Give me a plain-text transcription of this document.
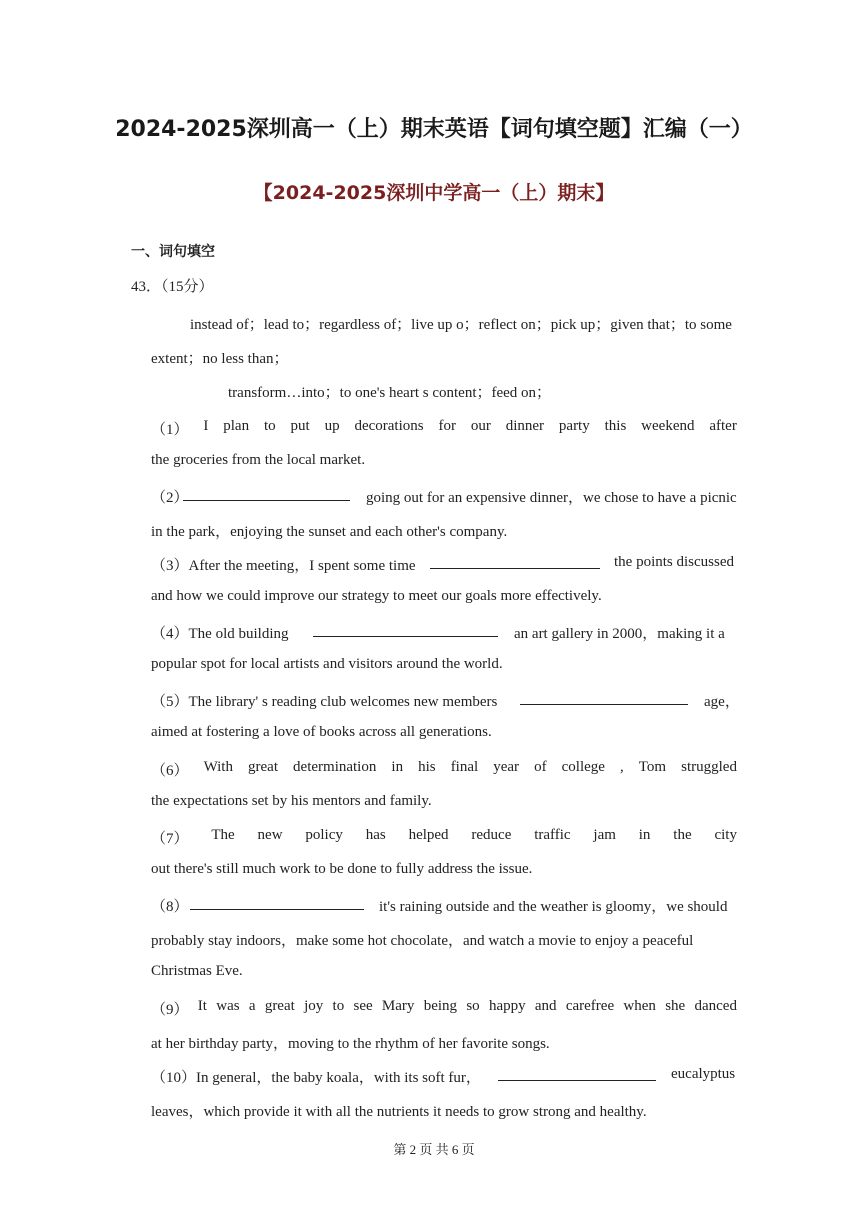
2024-2025深圳高一（上）期末英语【词句填空题】汇编（一）
【2024-2025深圳中学高一（上）期末】
一、词句填空
43．（15分）
instead of；lead to；regardless of；live up o；reflect on；pick up；given that；to some
extent；no less than；
transform…into；to one's heart s content；feed on；
（1） I plan to put up decorations for our dinner party this weekend after
the groceries from the local market.
（2）	going out for an expensive dinner，we chose to have a picnic
in the park，enjoying the sunset and each other's company.
（3）After the meeting，I spent some time	the points discussed
and how we could improve our strategy to meet our goals more effectively.
（4）The old building	an art gallery in 2000，making it a
popular spot for local artists and visitors around the world.
（5）The library' s reading club welcomes new members	age，
aimed at fostering a love of books across all generations.
（6） With great determination in his final year of college , Tom struggled
the expectations set by his mentors and family.
（7） The new policy has helped reduce traffic jam in the city
out there's still much work to be done to fully address the issue.
（8）	it's raining outside and the weather is gloomy，we should
probably stay indoors，make some hot chocolate，and watch a movie to enjoy a peaceful
Christmas Eve.
（9） It was a great joy to see Mary being so happy and carefree when she danced
at her birthday party，moving to the rhythm of her favorite songs.
（10）In general，the baby koala，with its soft fur，	eucalyptus
leaves，which provide it with all the nutrients it needs to grow strong and healthy.
第 2 页 共 6 页
